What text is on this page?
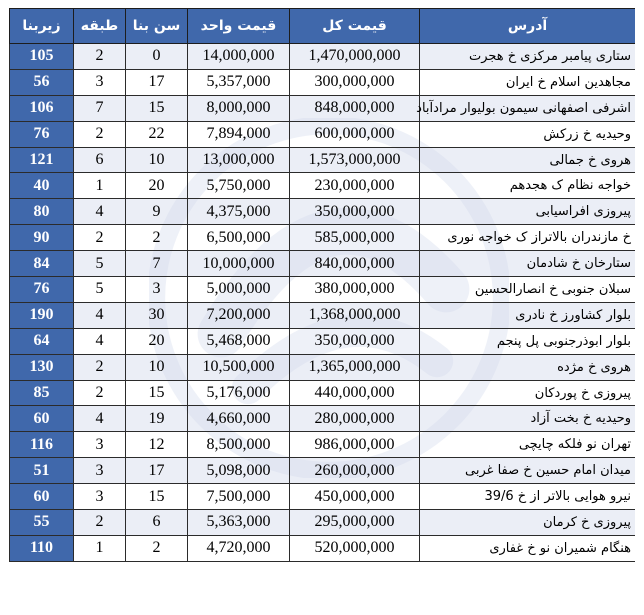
آدرس	قیمت کل	قیمت واحد	سن بنا	طبقه	زیربنا
ستاری پیامبر مرکزی خ هجرت	1,470,000,000	14,000,000	0	2	105
مجاهدین اسلام خ ایران	300,000,000	5,357,000	17	3	56
اشرفی اصفهانی سیمون بولیوار مرادآباد	848,000,000	8,000,000	15	7	106
وحیدیه خ زرکش	600,000,000	7,894,000	22	2	76
هروی خ جمالی	1,573,000,000	13,000,000	10	6	121
خواجه نظام ک هجدهم	230,000,000	5,750,000	20	1	40
پیروزی افراسیابی	350,000,000	4,375,000	9	4	80
خ مازندران بالاتراز ک خواجه نوری	585,000,000	6,500,000	2	2	90
ستارخان خ شادمان	840,000,000	10,000,000	7	5	84
سبلان جنوبی خ انصارالحسین	380,000,000	5,000,000	3	5	76
بلوار کشاورز خ نادری	1,368,000,000	7,200,000	30	4	190
بلوار ابوذرجنوبی پل پنجم	350,000,000	5,468,000	20	4	64
هروی خ مژده	1,365,000,000	10,500,000	10	2	130
پیروزی خ پوردکان	440,000,000	5,176,000	15	2	85
وحیدیه خ بخت آزاد	280,000,000	4,660,000	19	4	60
تهران نو فلکه چایچی	986,000,000	8,500,000	12	3	116
میدان امام حسین خ صفا غربی	260,000,000	5,098,000	17	3	51
نیرو هوایی بالاتر از خ 39/6	450,000,000	7,500,000	15	3	60
پیروزی خ کرمان	295,000,000	5,363,000	6	2	55
هنگام شمیران نو خ غفاری	520,000,000	4,720,000	2	1	110
